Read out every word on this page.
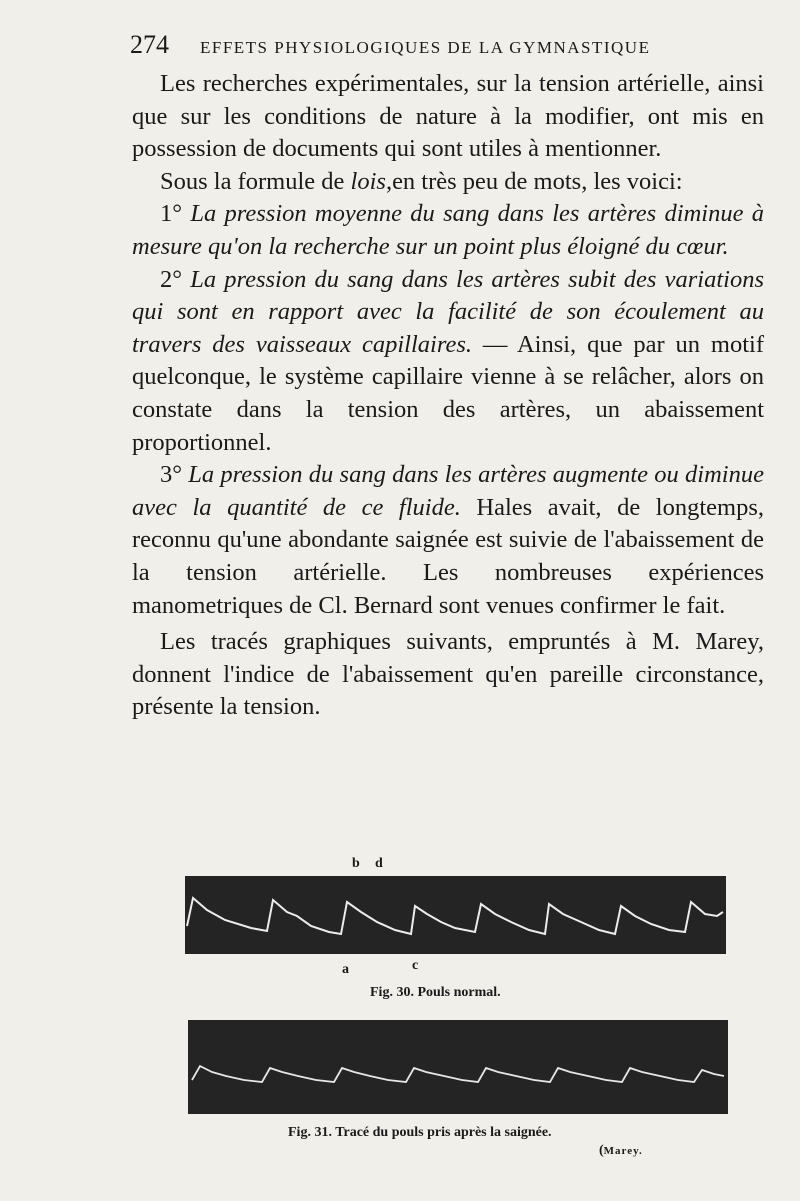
274 EFFETS PHYSIOLOGIQUES DE LA GYMNASTIQUE

Les recherches expérimentales, sur la tension artérielle, ainsi que sur les conditions de nature à la modifier, ont mis en possession de documents qui sont utiles à mentionner.

Sous la formule de lois,en très peu de mots, les voici:

1° La pression moyenne du sang dans les artères diminue à mesure qu'on la recherche sur un point plus éloigné du cœur.

2° La pression du sang dans les artères subit des variations qui sont en rapport avec la facilité de son écoulement au travers des vaisseaux capillaires. — Ainsi, que par un motif quelconque, le système capillaire vienne à se relâcher, alors on constate dans la tension des artères, un abaissement proportionnel.

3° La pression du sang dans les artères augmente ou diminue avec la quantité de ce fluide. Hales avait, de longtemps, reconnu qu'une abondante saignée est suivie de l'abaissement de la tension artérielle. Les nombreuses expériences manometriques de Cl. Bernard sont venues confirmer le fait.

Les tracés graphiques suivants, empruntés à M. Marey, donnent l'indice de l'abaissement qu'en pareille circonstance, présente la tension.

b d
a	c
Fig. 30. Pouls normal.
Fig. 31. Tracé du pouls pris après la saignée.
(Marey.
